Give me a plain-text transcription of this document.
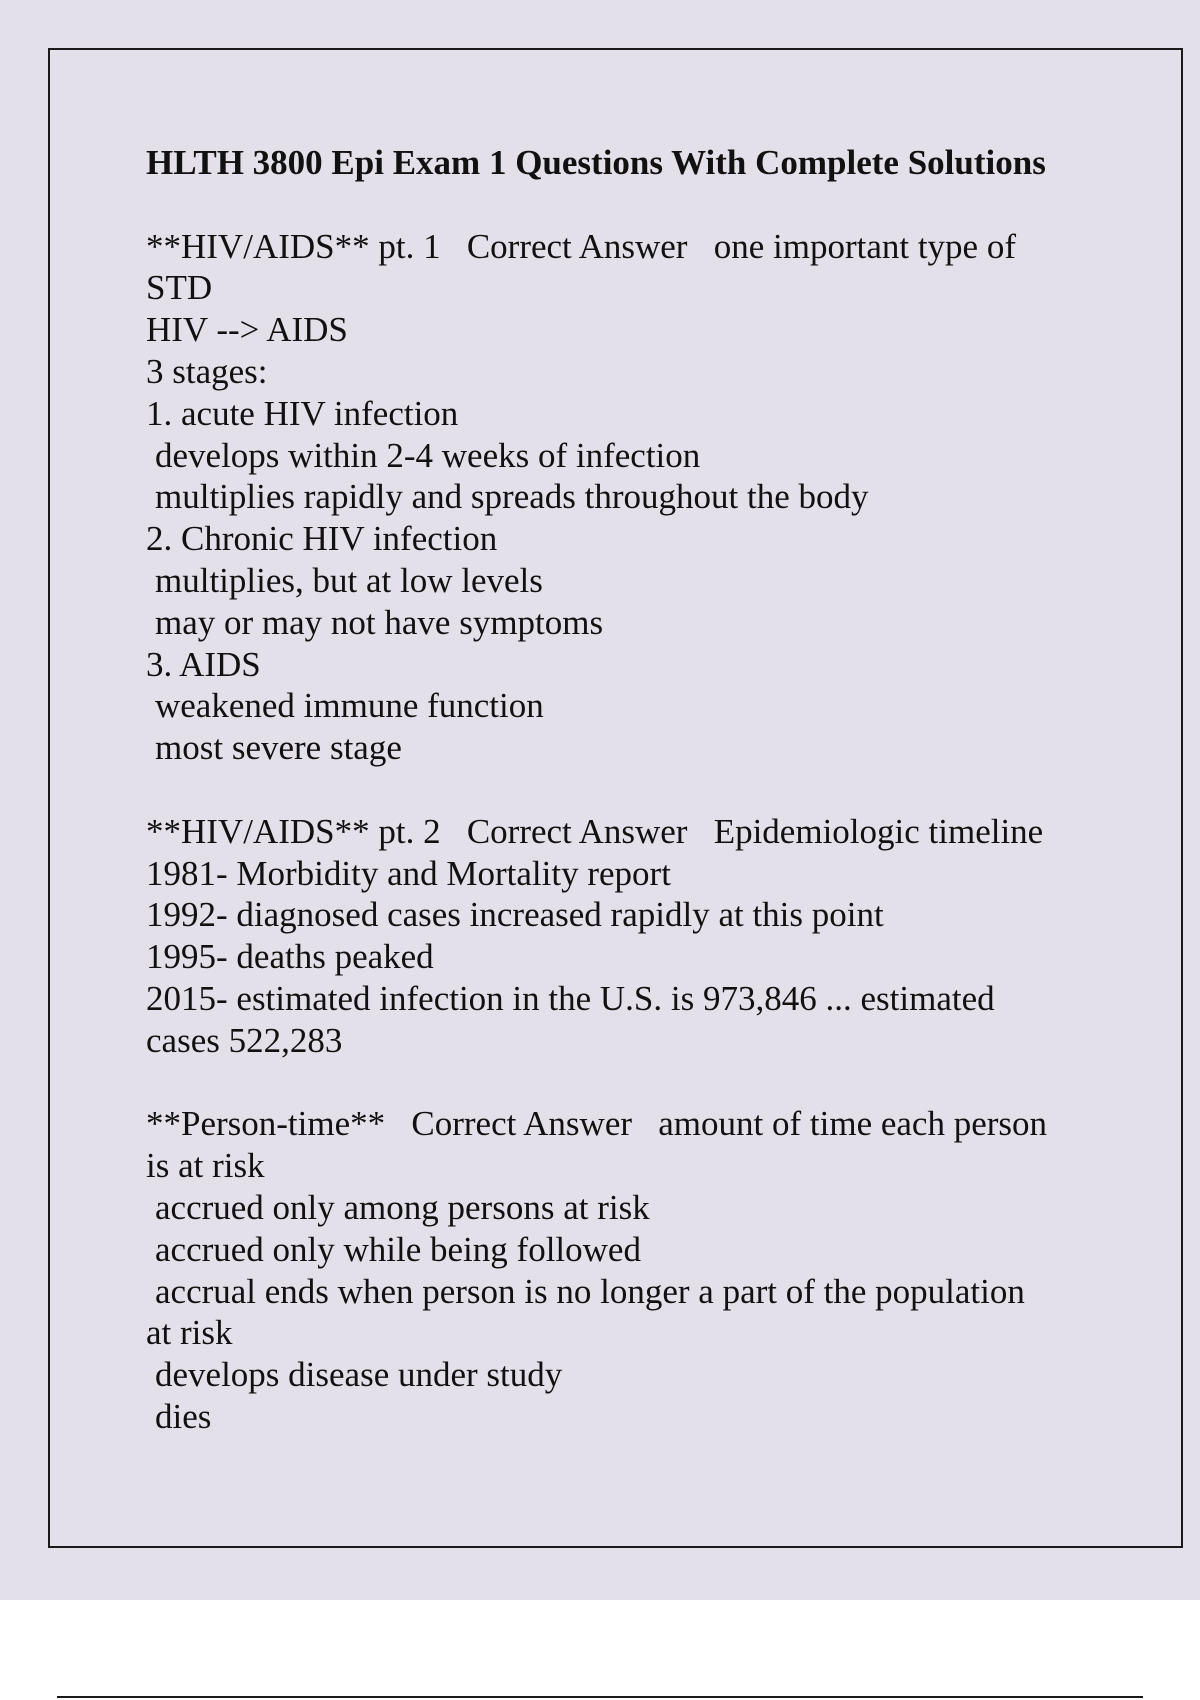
HLTH 3800 Epi Exam 1 Questions With Complete Solutions
**HIV/AIDS** pt. 1   Correct Answer   one important type of
STD
HIV --> AIDS
3 stages:
1. acute HIV infection
develops within 2-4 weeks of infection
multiplies rapidly and spreads throughout the body
2. Chronic HIV infection
multiplies, but at low levels
may or may not have symptoms
3. AIDS
weakened immune function
most severe stage
**HIV/AIDS** pt. 2   Correct Answer   Epidemiologic timeline
1981- Morbidity and Mortality report
1992- diagnosed cases increased rapidly at this point
1995- deaths peaked
2015- estimated infection in the U.S. is 973,846 ... estimated
cases 522,283
**Person-time**   Correct Answer   amount of time each person
is at risk
accrued only among persons at risk
accrued only while being followed
accrual ends when person is no longer a part of the population
at risk
develops disease under study
dies
